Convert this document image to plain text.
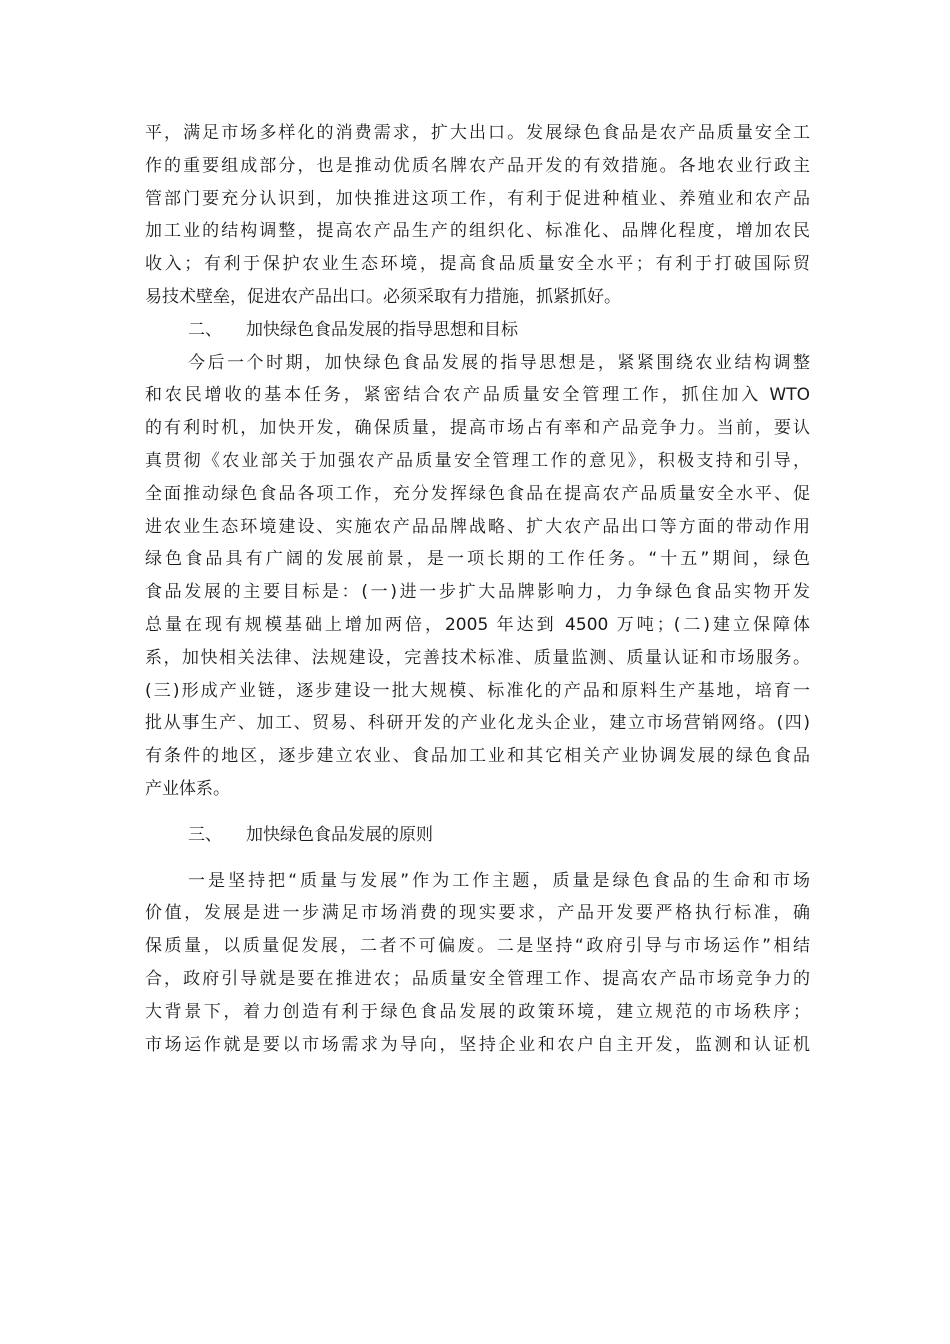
平，满足市场多样化的消费需求，扩大出口。发展绿色食品是农产品质量安全工
作的重要组成部分，也是推动优质名牌农产品开发的有效措施。各地农业行政主
管部门要充分认识到，加快推进这项工作，有利于促进种植业、养殖业和农产品
加工业的结构调整，提高农产品生产的组织化、标准化、品牌化程度，增加农民
收入；有利于保护农业生态环境，提高食品质量安全水平；有利于打破国际贸
易技术壁垒，促进农产品出口。必须采取有力措施，抓紧抓好。
二、 加快绿色食品发展的指导思想和目标
今后一个时期，加快绿色食品发展的指导思想是，紧紧围绕农业结构调整
和农民增收的基本任务，紧密结合农产品质量安全管理工作，抓住加入 WTO
的有利时机，加快开发，确保质量，提高市场占有率和产品竞争力。当前，要认
真贯彻《农业部关于加强农产品质量安全管理工作的意见》，积极支持和引导，
全面推动绿色食品各项工作，充分发挥绿色食品在提高农产品质量安全水平、促
进农业生态环境建设、实施农产品品牌战略、扩大农产品出口等方面的带动作用
绿色食品具有广阔的发展前景，是一项长期的工作任务。“十五”期间，绿色
食品发展的主要目标是：(一)进一步扩大品牌影响力，力争绿色食品实物开发
总量在现有规模基础上增加两倍，2005 年达到 4500 万吨；(二)建立保障体
系，加快相关法律、法规建设，完善技术标准、质量监测、质量认证和市场服务。
(三)形成产业链，逐步建设一批大规模、标准化的产品和原料生产基地，培育一
批从事生产、加工、贸易、科研开发的产业化龙头企业，建立市场营销网络。(四)
有条件的地区，逐步建立农业、食品加工业和其它相关产业协调发展的绿色食品
产业体系。
三、 加快绿色食品发展的原则
一是坚持把“质量与发展”作为工作主题，质量是绿色食品的生命和市场
价值，发展是进一步满足市场消费的现实要求，产品开发要严格执行标准，确
保质量，以质量促发展，二者不可偏废。二是坚持“政府引导与市场运作”相结
合，政府引导就是要在推进农；品质量安全管理工作、提高农产品市场竞争力的
大背景下，着力创造有利于绿色食品发展的政策环境，建立规范的市场秩序；
市场运作就是要以市场需求为导向，坚持企业和农户自主开发，监测和认证机
